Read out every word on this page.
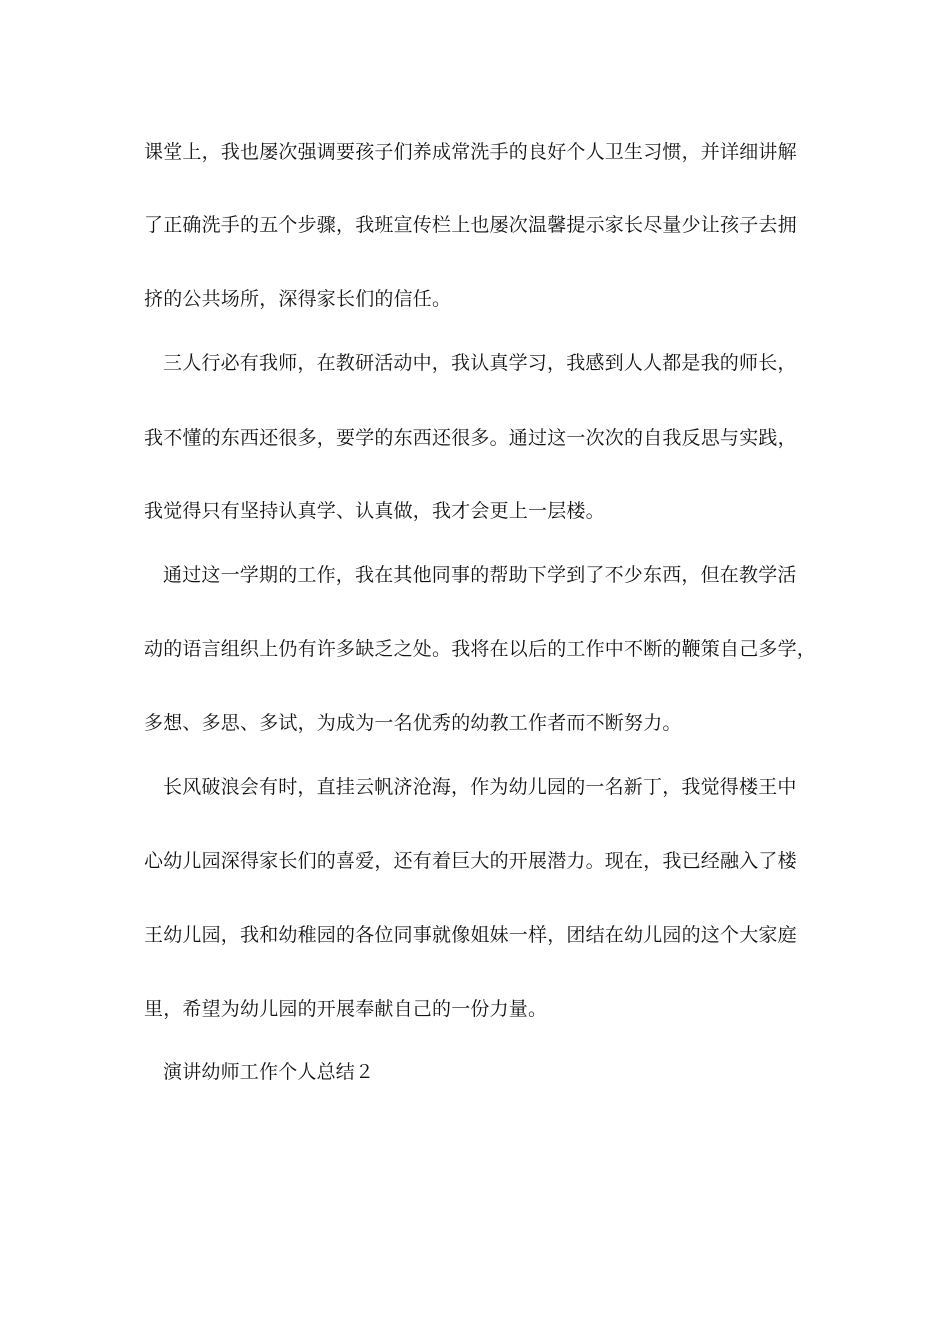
课堂上，我也屡次强调要孩子们养成常洗手的良好个人卫生习惯，并详细讲解
了正确洗手的五个步骤，我班宣传栏上也屡次温馨提示家长尽量少让孩子去拥
挤的公共场所，深得家长们的信任。
三人行必有我师，在教研活动中，我认真学习，我感到人人都是我的师长，
我不懂的东西还很多，要学的东西还很多。通过这一次次的自我反思与实践，
我觉得只有坚持认真学、认真做，我才会更上一层楼。
通过这一学期的工作，我在其他同事的帮助下学到了不少东西，但在教学活
动的语言组织上仍有许多缺乏之处。我将在以后的工作中不断的鞭策自己多学，
多想、多思、多试，为成为一名优秀的幼教工作者而不断努力。
长风破浪会有时，直挂云帆济沧海，作为幼儿园的一名新丁，我觉得楼王中
心幼儿园深得家长们的喜爱，还有着巨大的开展潜力。现在，我已经融入了楼
王幼儿园，我和幼稚园的各位同事就像姐妹一样，团结在幼儿园的这个大家庭
里，希望为幼儿园的开展奉献自己的一份力量。
演讲幼师工作个人总结２
